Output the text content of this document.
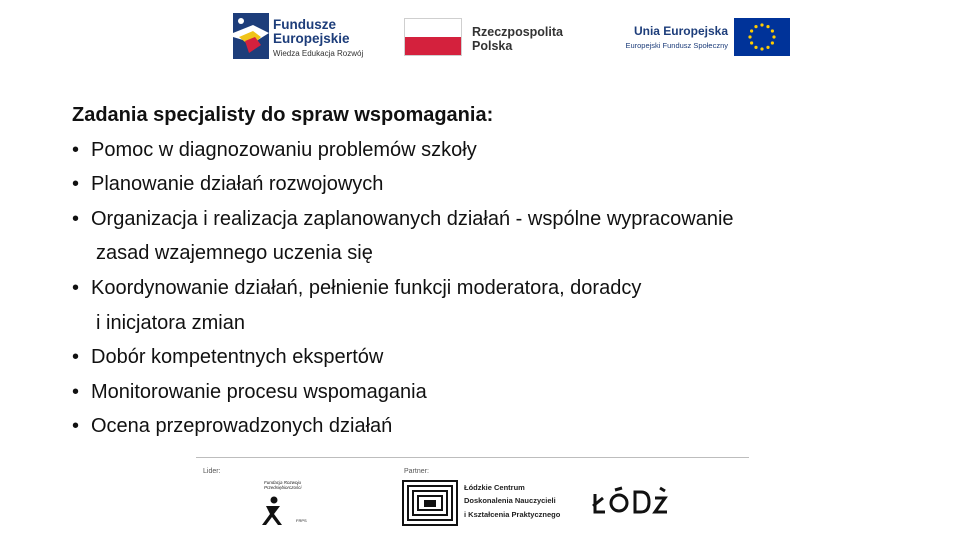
Fundusze
Europejskie
Wiedza Edukacja Rozwój
Rzeczpospolita
Polska
Unia Europejska
Europejski Fundusz Społeczny

Zadania specjalisty do spraw wspomagania:

• Pomoc w diagnozowaniu problemów szkoły
• Planowanie działań rozwojowych
• Organizacja i realizacja zaplanowanych działań - wspólne wypracowanie
zasad wzajemnego uczenia się
• Koordynowanie działań, pełnienie funkcji moderatora, doradcy
i inicjatora zmian
• Dobór kompetentnych ekspertów
• Monitorowanie procesu wspomagania
• Ocena przeprowadzonych działań
Lider:	Partner:
Fundacja Rozwoju Przedsiębiorczości
FRPS
Łódzkie Centrum
Doskonalenia Nauczycieli
i Kształcenia Praktycznego
